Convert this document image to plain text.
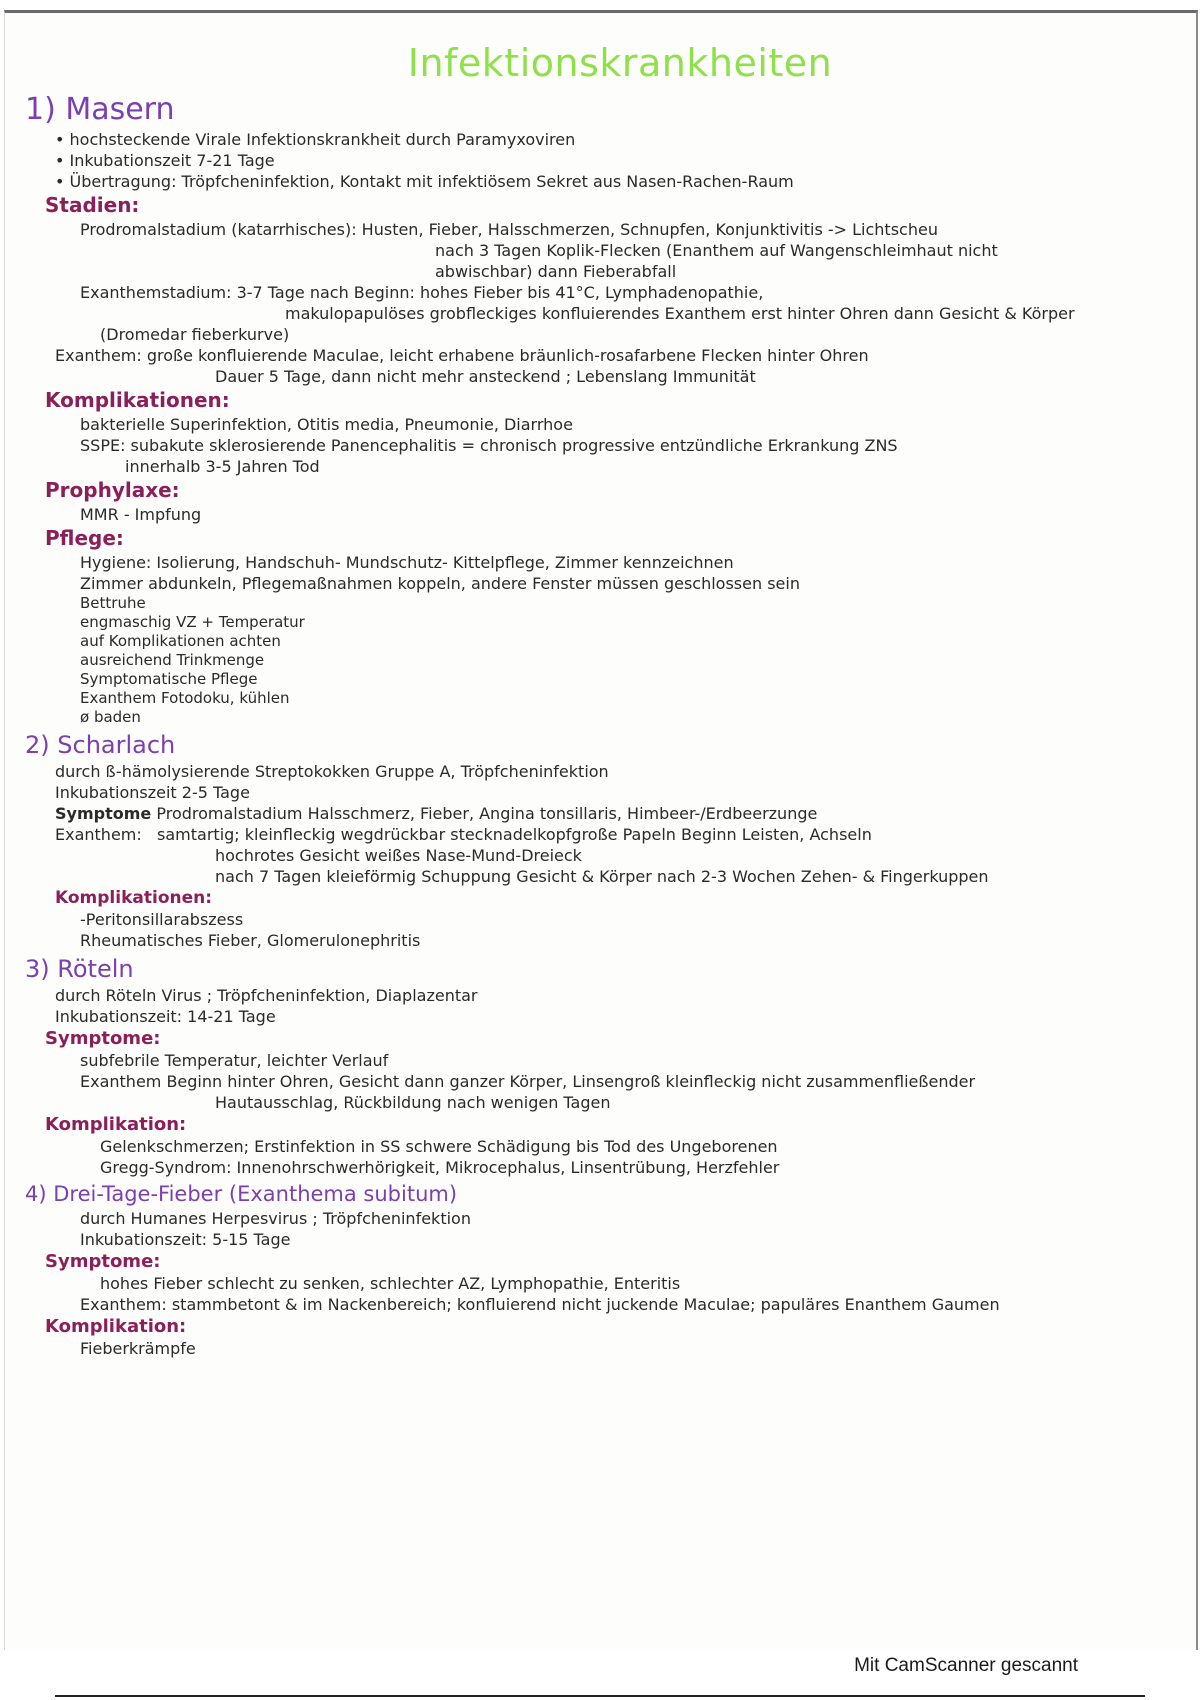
Infektionskrankheiten
1) Masern
• hochsteckende Virale Infektionskrankheit durch Paramyxoviren
• Inkubationszeit 7-21 Tage
• Übertragung: Tröpfcheninfektion, Kontakt mit infektiösem Sekret aus Nasen-Rachen-Raum
Stadien:
Prodromalstadium (katarrhisches): Husten, Fieber, Halsschmerzen, Schnupfen, Konjunktivitis -> Lichtscheu
nach 3 Tagen Koplik-Flecken (Enanthem auf Wangenschleimhaut nicht
abwischbar) dann Fieberabfall
Exanthemstadium: 3-7 Tage nach Beginn: hohes Fieber bis 41°C, Lymphadenopathie,
makulopapulöses grobfleckiges konfluierendes Exanthem erst hinter Ohren dann Gesicht & Körper
(Dromedar fieberkurve)
Exanthem: große konfluierende Maculae, leicht erhabene bräunlich-rosafarbene Flecken hinter Ohren
Dauer 5 Tage, dann nicht mehr ansteckend ; Lebenslang Immunität
Komplikationen:
bakterielle Superinfektion, Otitis media, Pneumonie, Diarrhoe
SSPE: subakute sklerosierende Panencephalitis = chronisch progressive entzündliche Erkrankung ZNS
innerhalb 3-5 Jahren Tod
Prophylaxe:
MMR - Impfung
Pflege:
Hygiene: Isolierung, Handschuh- Mundschutz- Kittelpflege, Zimmer kennzeichnen
Zimmer abdunkeln, Pflegemaßnahmen koppeln, andere Fenster müssen geschlossen sein
Bettruhe
engmaschig VZ + Temperatur
auf Komplikationen achten
ausreichend Trinkmenge
Symptomatische Pflege
Exanthem Fotodoku, kühlen
ø baden
2) Scharlach
durch ß-hämolysierende Streptokokken Gruppe A, Tröpfcheninfektion
Inkubationszeit 2-5 Tage
Symptome Prodromalstadium Halsschmerz, Fieber, Angina tonsillaris, Himbeer-/Erdbeerzunge
Exanthem: samtartig; kleinfleckig wegdrückbar stecknadelkopfgroße Papeln Beginn Leisten, Achseln
hochrotes Gesicht weißes Nase-Mund-Dreieck
nach 7 Tagen kleieförmig Schuppung Gesicht & Körper nach 2-3 Wochen Zehen- & Fingerkuppen
Komplikationen:
-Peritonsillarabszess
Rheumatisches Fieber, Glomerulonephritis
3) Röteln
durch Röteln Virus ; Tröpfcheninfektion, Diaplazentar
Inkubationszeit: 14-21 Tage
Symptome:
subfebrile Temperatur, leichter Verlauf
Exanthem Beginn hinter Ohren, Gesicht dann ganzer Körper, Linsengroß kleinfleckig nicht zusammenfließender
Hautausschlag, Rückbildung nach wenigen Tagen
Komplikation:
Gelenkschmerzen; Erstinfektion in SS schwere Schädigung bis Tod des Ungeborenen
Gregg-Syndrom: Innenohrschwerhörigkeit, Mikrocephalus, Linsentrübung, Herzfehler
4) Drei-Tage-Fieber (Exanthema subitum)
durch Humanes Herpesvirus ; Tröpfcheninfektion
Inkubationszeit: 5-15 Tage
Symptome:
hohes Fieber schlecht zu senken, schlechter AZ, Lymphopathie, Enteritis
Exanthem: stammbetont & im Nackenbereich; konfluierend nicht juckende Maculae; papuläres Enanthem Gaumen
Komplikation:
Fieberkrämpfe
Mit CamScanner gescannt
